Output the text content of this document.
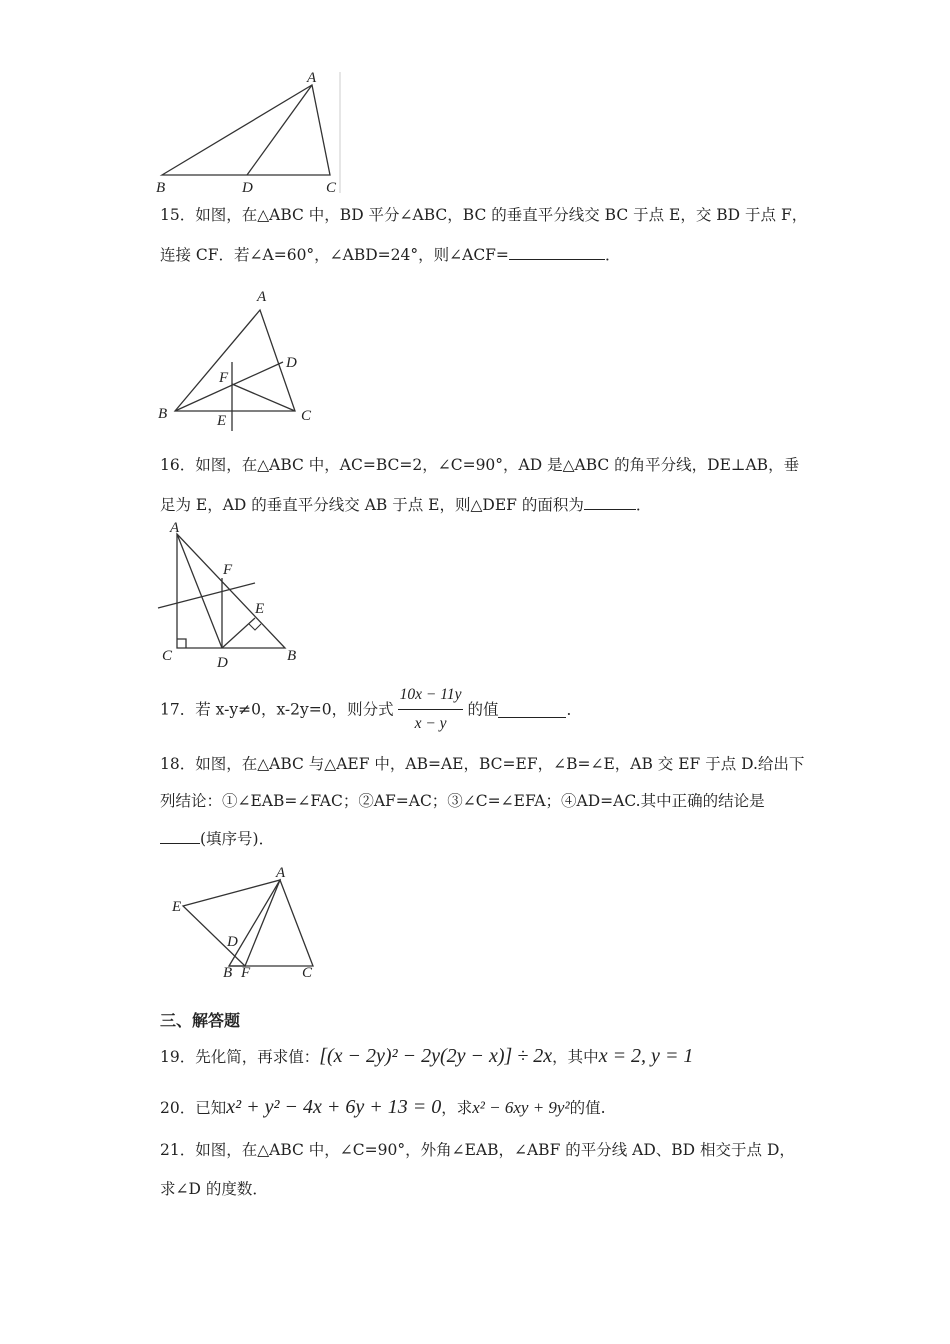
A
B	D	C
15．如图，在△ABC 中，BD 平分∠ABC，BC 的垂直平分线交 BC 于点 E，交 BD 于点 F，
连接 CF．若∠A=60°，∠ABD=24°，则∠ACF=	．
A
B	C
D
E
F
16．如图，在△ABC 中，AC=BC=2，∠C=90°，AD 是△ABC 的角平分线，DE⊥AB，垂
足为 E，AD 的垂直平分线交 AB 于点 E，则△DEF 的面积为	．
A
C	D	B
E
F
17．若 x-y≠0，x-2y=0，则分式 $\frac{10x - 11y}{x - y}$ 的值	．
18．如图，在△ABC 与△AEF 中，AB=AE，BC=EF，∠B=∠E，AB 交 EF 于点 D.给出下
列结论：①∠EAB=∠FAC；②AF=AC；③∠C=∠EFA；④AD=AC.其中正确的结论是
(填序号)．
A
E
D
B F	C
三、解答题
19．先化简，再求值：[(x − 2y)² − 2y(2y − x)] ÷ 2x，其中x = 2, y = 1
20．已知x² + y² − 4x + 6y + 13 = 0，求x² − 6xy + 9y²的值.
21．如图，在△ABC 中，∠C=90°，外角∠EAB，∠ABF 的平分线 AD、BD 相交于点 D，
求∠D 的度数．
